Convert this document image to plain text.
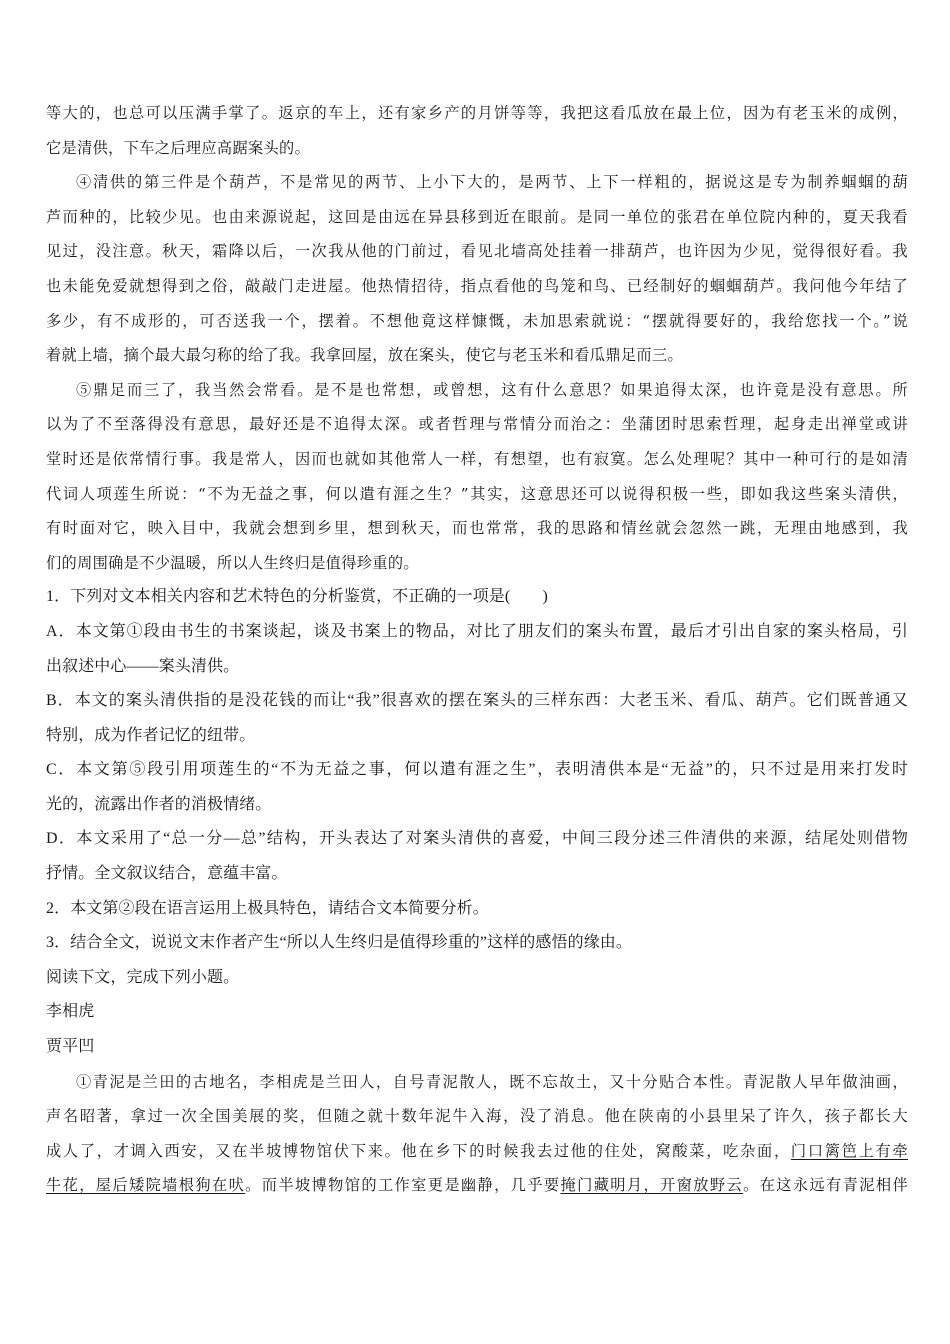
等大的，也总可以压满手掌了。返京的车上，还有家乡产的月饼等等，我把这看瓜放在最上位，因为有老玉米的成例，
它是清供，下车之后理应高踞案头的。
④清供的第三件是个葫芦，不是常见的两节、上小下大的，是两节、上下一样粗的，据说这是专为制养蝈蝈的葫
芦而种的，比较少见。也由来源说起，这回是由远在异县移到近在眼前。是同一单位的张君在单位院内种的，夏天我看
见过，没注意。秋天，霜降以后，一次我从他的门前过，看见北墙高处挂着一排葫芦，也许因为少见，觉得很好看。我
也未能免爱就想得到之俗，敲敲门走进屋。他热情招待，指点看他的鸟笼和鸟、已经制好的蝈蝈葫芦。我问他今年结了
多少，有不成形的，可否送我一个，摆着。不想他竟这样慷慨，未加思索就说：“摆就得要好的，我给您找一个。”说
着就上墙，摘个最大最匀称的给了我。我拿回屋，放在案头，使它与老玉米和看瓜鼎足而三。
⑤鼎足而三了，我当然会常看。是不是也常想，或曾想，这有什么意思？如果追得太深，也许竟是没有意思。所
以为了不至落得没有意思，最好还是不追得太深。或者哲理与常情分而治之：坐蒲团时思索哲理，起身走出禅堂或讲
堂时还是依常情行事。我是常人，因而也就如其他常人一样，有想望，也有寂寞。怎么处理呢？其中一种可行的是如清
代词人项莲生所说：“不为无益之事，何以遣有涯之生？”其实，这意思还可以说得积极一些，即如我这些案头清供，
有时面对它，映入目中，我就会想到乡里，想到秋天，而也常常，我的思路和情丝就会忽然一跳，无理由地感到，我
们的周围确是不少温暖，所以人生终归是值得珍重的。
1．下列对文本相关内容和艺术特色的分析鉴赏，不正确的一项是(　　)
A．本文第①段由书生的书案谈起，谈及书案上的物品，对比了朋友们的案头布置，最后才引出自家的案头格局，引
出叙述中心——案头清供。
B．本文的案头清供指的是没花钱的而让“我”很喜欢的摆在案头的三样东西：大老玉米、看瓜、葫芦。它们既普通又
特别，成为作者记忆的纽带。
C．本文第⑤段引用项莲生的“不为无益之事，何以遣有涯之生”，表明清供本是“无益”的，只不过是用来打发时
光的，流露出作者的消极情绪。
D．本文采用了“总一分—总”结构，开头表达了对案头清供的喜爱，中间三段分述三件清供的来源，结尾处则借物
抒情。全文叙议结合，意蕴丰富。
2．本文第②段在语言运用上极具特色，请结合文本简要分析。
3．结合全文，说说文末作者产生“所以人生终归是值得珍重的”这样的感悟的缘由。
阅读下文，完成下列小题。
李相虎
贾平凹
①青泥是兰田的古地名，李相虎是兰田人，自号青泥散人，既不忘故土，又十分贴合本性。青泥散人早年做油画，
声名昭著，拿过一次全国美展的奖，但随之就十数年泥牛入海，没了消息。他在陕南的小县里呆了许久，孩子都长大
成人了，才调入西安，又在半坡博物馆伏下来。他在乡下的时候我去过他的住处，窝酸菜，吃杂面，门口篱笆上有牵
牛花，屋后矮院墙根狗在吠。而半坡博物馆的工作室更是幽静，几乎要掩门藏明月，开窗放野云。在这永远有青泥相伴
